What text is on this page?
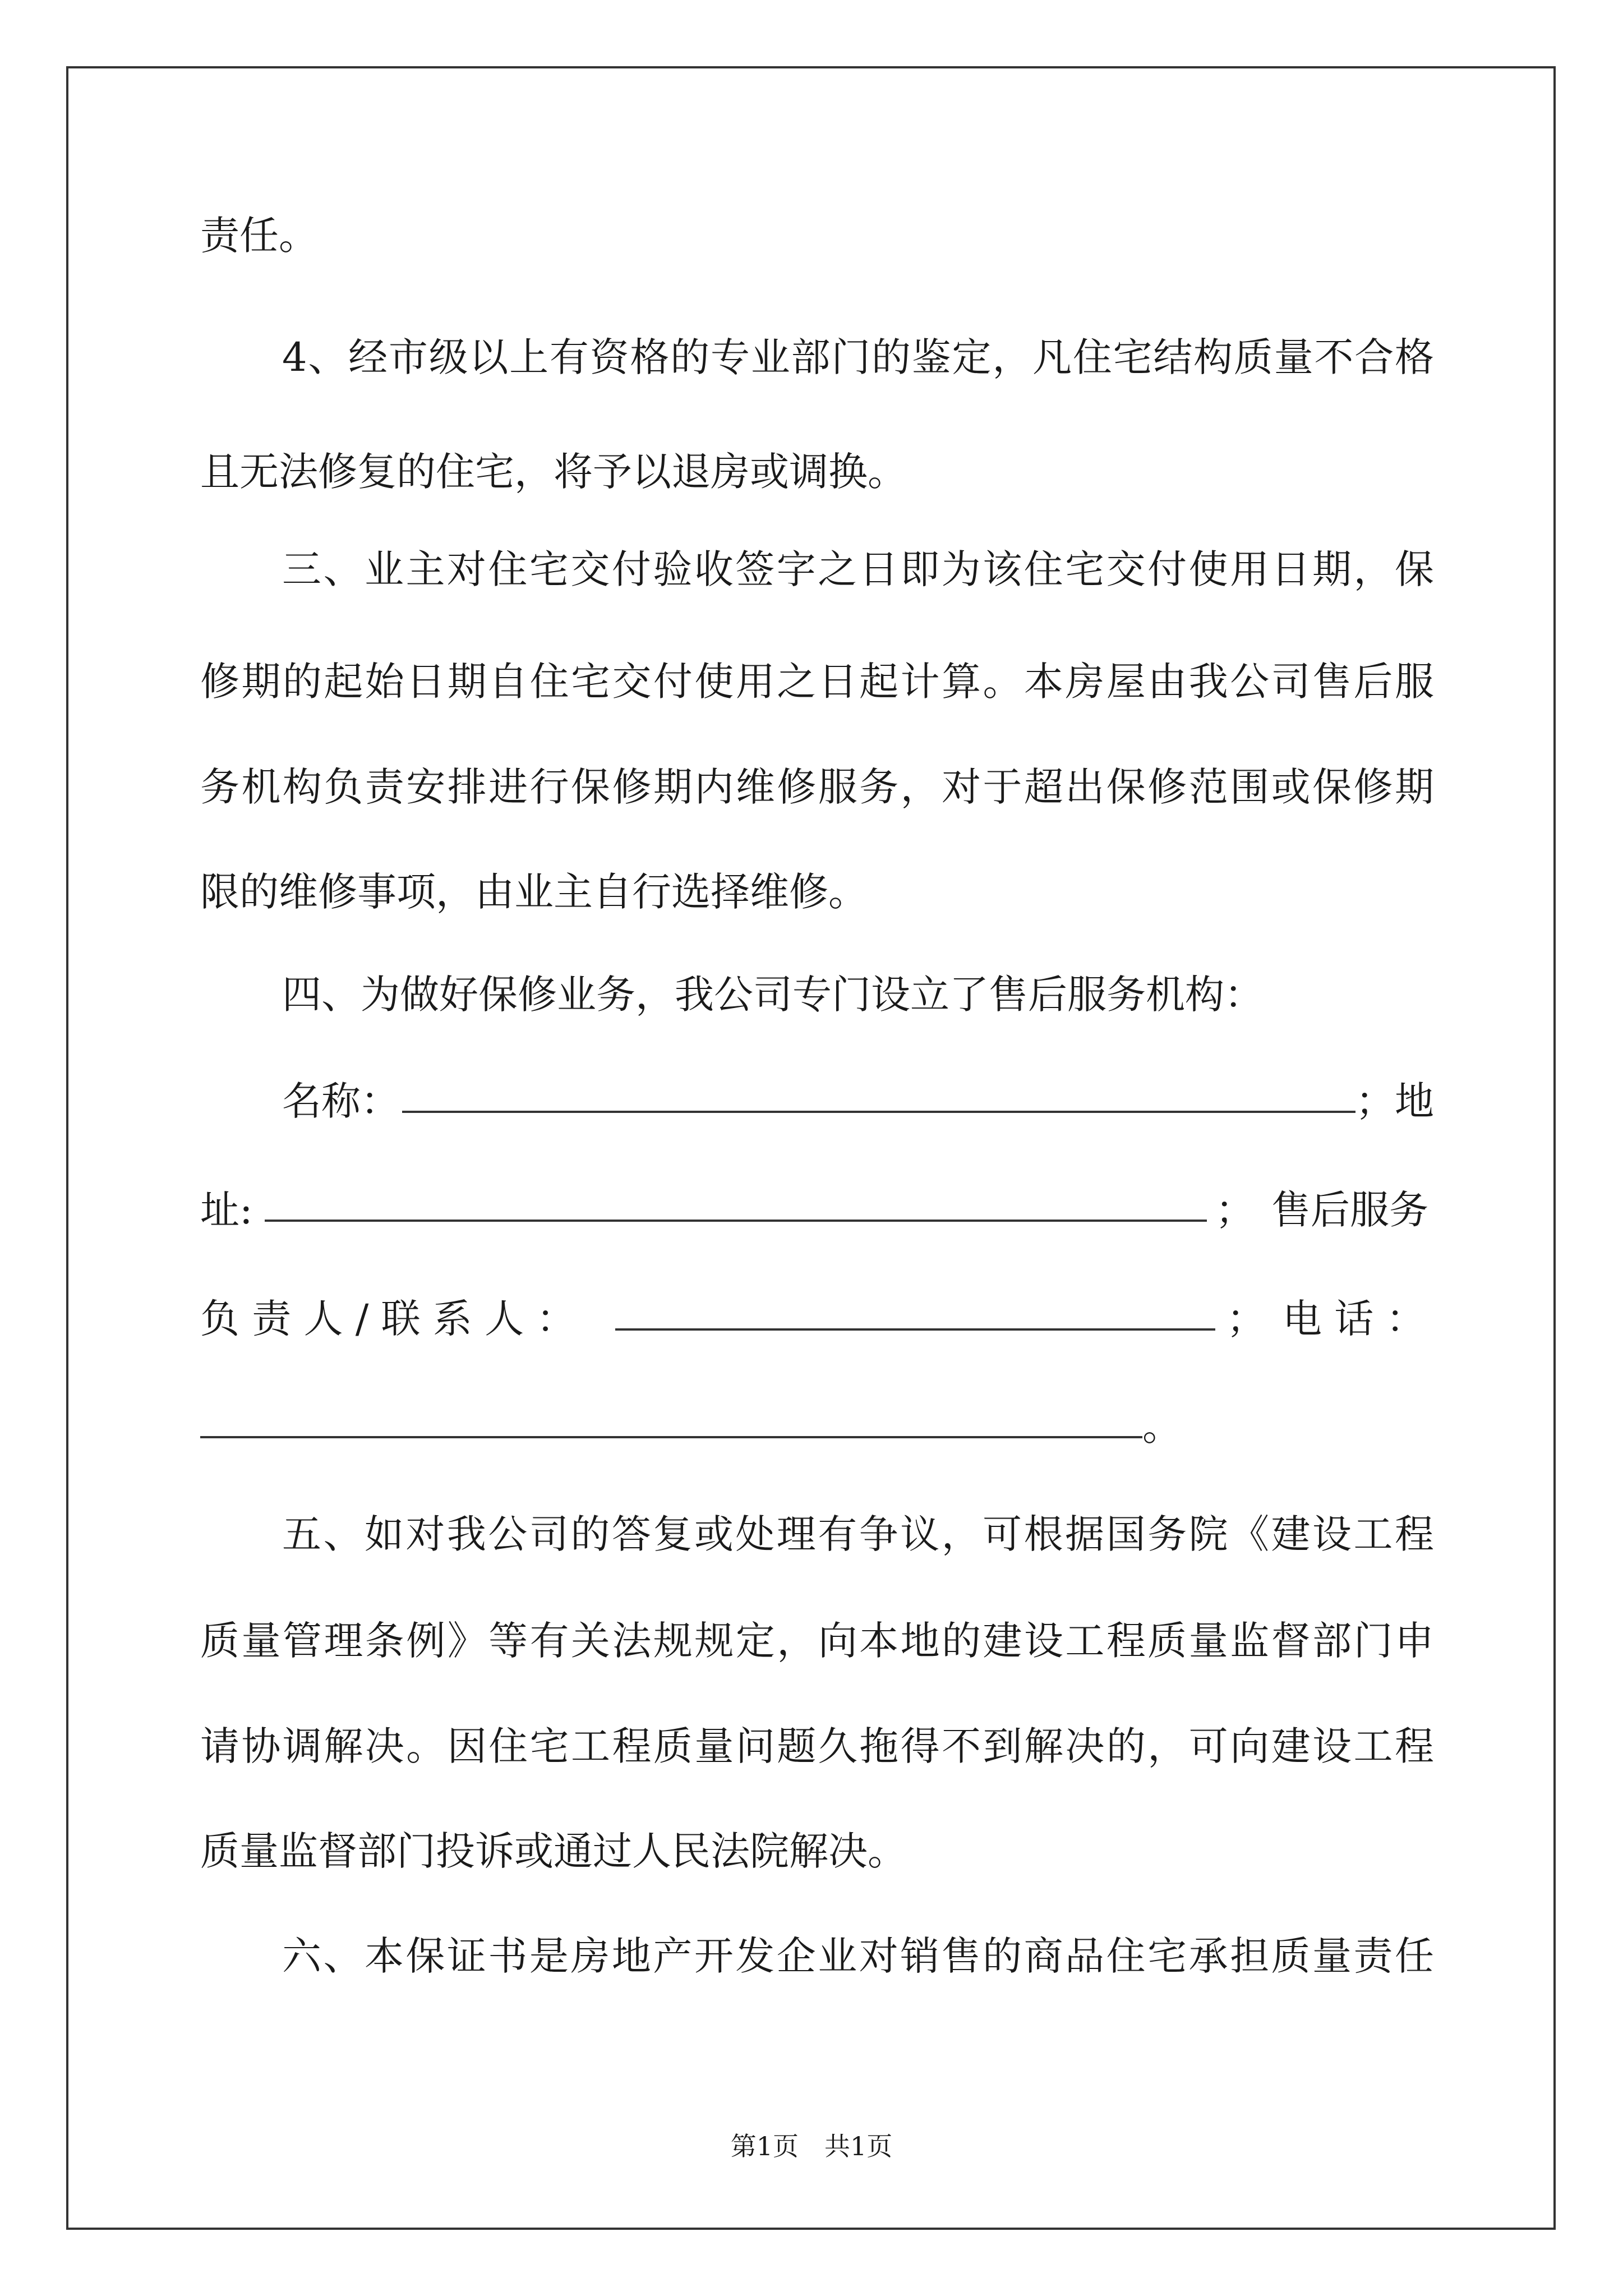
责任。
4、经市级以上有资格的专业部门的鉴定，凡住宅结构质量不合格
且无法修复的住宅，将予以退房或调换。
三、业主对住宅交付验收签字之日即为该住宅交付使用日期，保
修期的起始日期自住宅交付使用之日起计算。本房屋由我公司售后服
务机构负责安排进行保修期内维修服务，对于超出保修范围或保修期
限的维修事项，由业主自行选择维修。
四、为做好保修业务，我公司专门设立了售后服务机构：
名称：	；地
址:	； 售后服务
负 责 人 / 联 系 人 ：	； 电 话 ：
。
五、如对我公司的答复或处理有争议，可根据国务院《建设工程
质量管理条例》等有关法规规定，向本地的建设工程质量监督部门申
请协调解决。因住宅工程质量问题久拖得不到解决的，可向建设工程
质量监督部门投诉或通过人民法院解决。
六、本保证书是房地产开发企业对销售的商品住宅承担质量责任
第1页　共1页
